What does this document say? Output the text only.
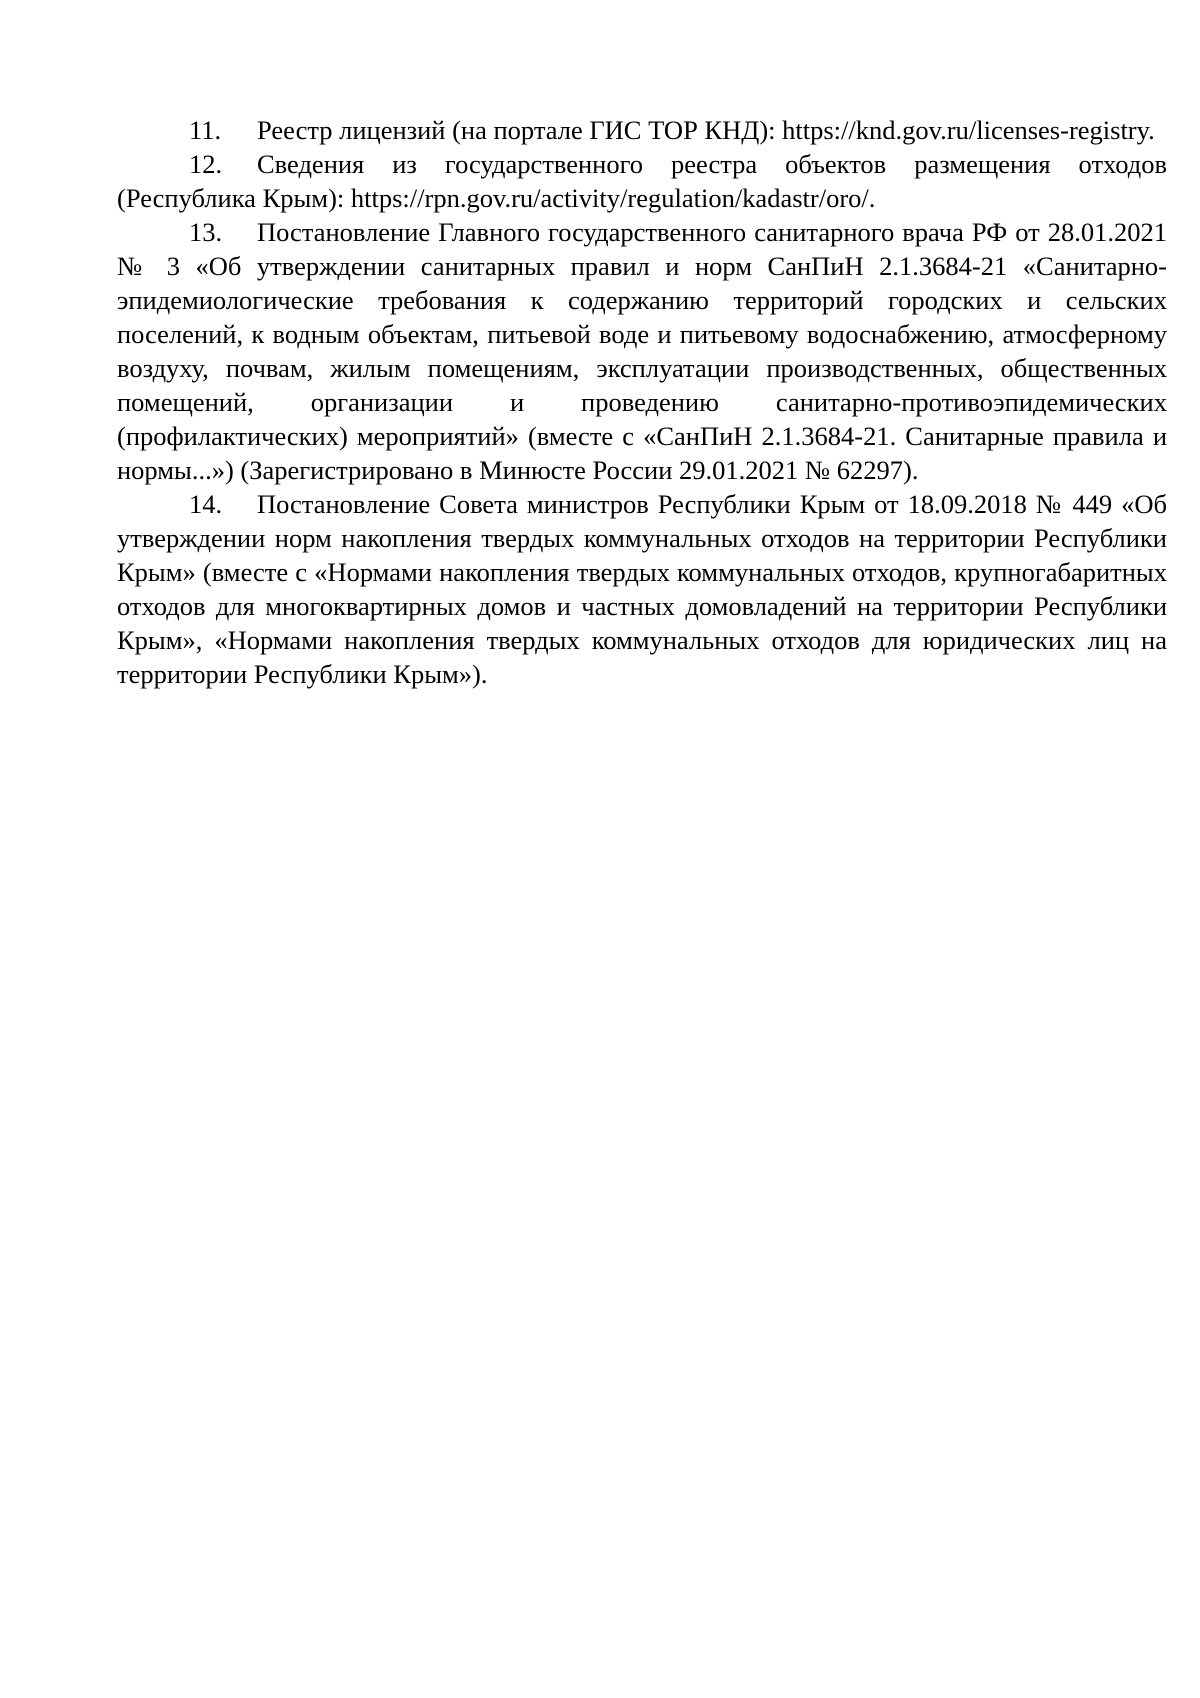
11. Реестр лицензий (на портале ГИС ТОР КНД): https://knd.gov.ru/licenses-registry.

12. Сведения из государственного реестра объектов размещения отходов (Республика Крым): https://rpn.gov.ru/activity/regulation/kadastr/oro/.

13. Постановление Главного государственного санитарного врача РФ от 28.01.2021 № 3 «Об утверждении санитарных правил и норм СанПиН 2.1.3684-21 «Санитарно-эпидемиологические требования к содержанию территорий городских и сельских поселений, к водным объектам, питьевой воде и питьевому водоснабжению, атмосферному воздуху, почвам, жилым помещениям, эксплуатации производственных, общественных помещений, организации и проведению санитарно-противоэпидемических (профилактических) мероприятий» (вместе с «СанПиН 2.1.3684-21. Санитарные правила и нормы...») (Зарегистрировано в Минюсте России 29.01.2021 № 62297).

14. Постановление Совета министров Республики Крым от 18.09.2018 № 449 «Об утверждении норм накопления твердых коммунальных отходов на территории Республики Крым» (вместе с «Нормами накопления твердых коммунальных отходов, крупногабаритных отходов для многоквартирных домов и частных домовладений на территории Республики Крым», «Нормами накопления твердых коммунальных отходов для юридических лиц на территории Республики Крым»).
